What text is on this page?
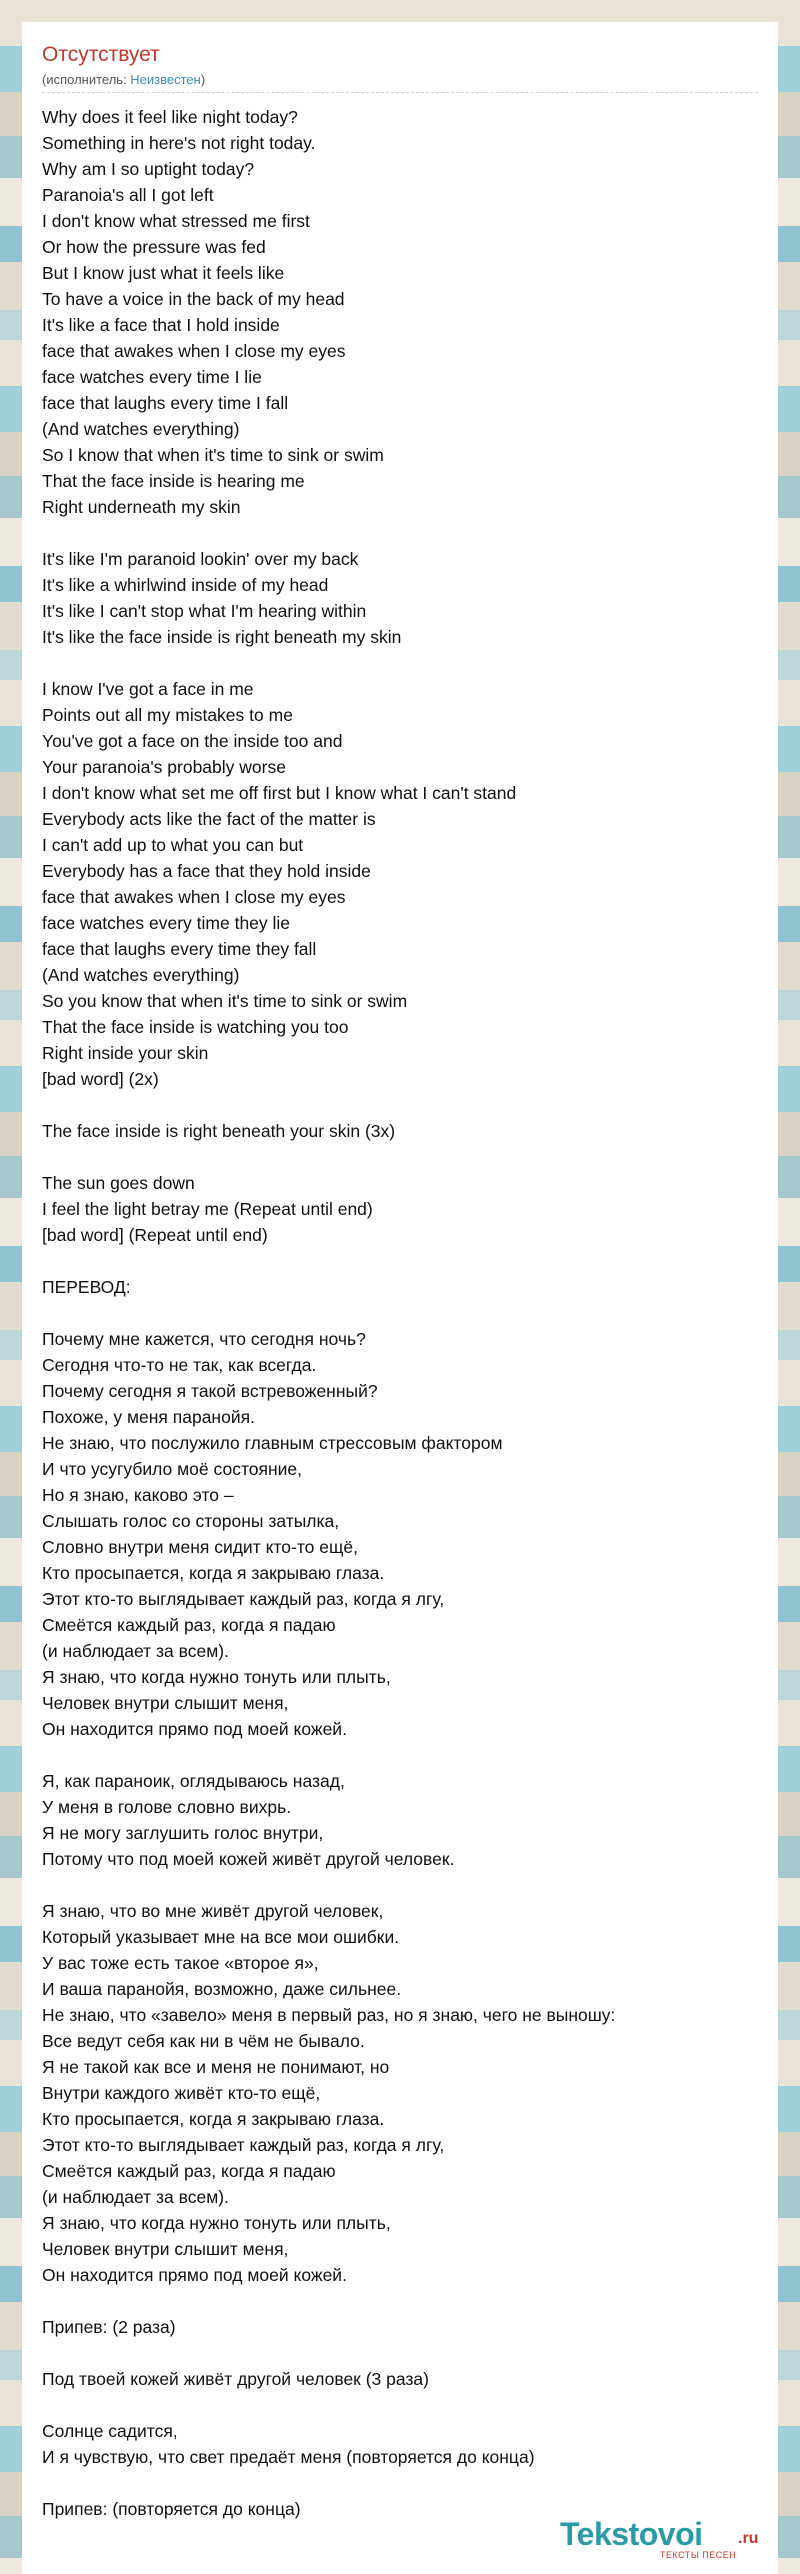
Отсутствует
(исполнитель: Неизвестен)
Why does it feel like night today?
Something in here's not right today.
Why am I so uptight today?
Paranoia's all I got left
I don't know what stressed me first
Or how the pressure was fed
But I know just what it feels like
To have a voice in the back of my head
It's like a face that I hold inside
face that awakes when I close my eyes
face watches every time I lie
face that laughs every time I fall
(And watches everything)
So I know that when it's time to sink or swim
That the face inside is hearing me
Right underneath my skin

It's like I'm paranoid lookin' over my back
It's like a whirlwind inside of my head
It's like I can't stop what I'm hearing within
It's like the face inside is right beneath my skin

I know I've got a face in me
Points out all my mistakes to me
You've got a face on the inside too and
Your paranoia's probably worse
I don't know what set me off first but I know what I can't stand
Everybody acts like the fact of the matter is
I can't add up to what you can but
Everybody has a face that they hold inside
face that awakes when I close my eyes
face watches every time they lie
face that laughs every time they fall
(And watches everything)
So you know that when it's time to sink or swim
That the face inside is watching you too
Right inside your skin
[bad word] (2x)

The face inside is right beneath your skin (3x)

The sun goes down
I feel the light betray me (Repeat until end)
[bad word] (Repeat until end)

ПЕРЕВОД:

Почему мне кажется, что сегодня ночь?
Сегодня что-то не так, как всегда.
Почему сегодня я такой встревоженный?
Похоже, у меня паранойя.
Не знаю, что послужило главным стрессовым фактором
И что усугубило моё состояние,
Но я знаю, каково это –
Слышать голос со стороны затылка,
Словно внутри меня сидит кто-то ещё,
Кто просыпается, когда я закрываю глаза.
Этот кто-то выглядывает каждый раз, когда я лгу,
Смеётся каждый раз, когда я падаю
(и наблюдает за всем).
Я знаю, что когда нужно тонуть или плыть,
Человек внутри слышит меня,
Он находится прямо под моей кожей.

Я, как параноик, оглядываюсь назад,
У меня в голове словно вихрь.
Я не могу заглушить голос внутри,
Потому что под моей кожей живёт другой человек.

Я знаю, что во мне живёт другой человек,
Который указывает мне на все мои ошибки.
У вас тоже есть такое «второе я»,
И ваша паранойя, возможно, даже сильнее.
Не знаю, что «завело» меня в первый раз, но я знаю, чего не выношу:
Все ведут себя как ни в чём не бывало.
Я не такой как все и меня не понимают, но
Внутри каждого живёт кто-то ещё,
Кто просыпается, когда я закрываю глаза.
Этот кто-то выглядывает каждый раз, когда я лгу,
Смеётся каждый раз, когда я падаю
(и наблюдает за всем).
Я знаю, что когда нужно тонуть или плыть,
Человек внутри слышит меня,
Он находится прямо под моей кожей.

Припев: (2 раза)

Под твоей кожей живёт другой человек (3 раза)

Солнце садится,
И я чувствую, что свет предаёт меня (повторяется до конца)

Припев: (повторяется до конца)
Tekstovoi .ru
ТЕКСТЫ ПЕСЕН
